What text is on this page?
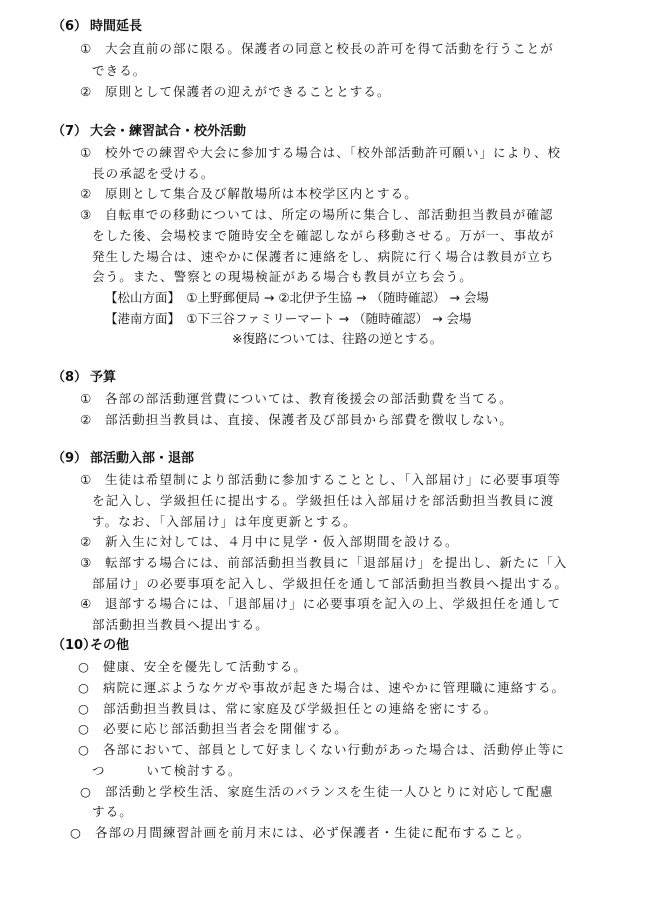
（6） 時間延長
① 大会直前の部に限る。保護者の同意と校長の許可を得て活動を行うことが
できる。
② 原則として保護者の迎えができることとする。
（7） 大会・練習試合・校外活動
① 校外での練習や大会に参加する場合は、「校外部活動許可願い」により、校
長の承認を受ける。
② 原則として集合及び解散場所は本校学区内とする。
③ 自転車での移動については、所定の場所に集合し、部活動担当教員が確認
をした後、会場校まで随時安全を確認しながら移動させる。万が一、事故が
発生した場合は、速やかに保護者に連絡をし、病院に行く場合は教員が立ち
会う。また、警察との現場検証がある場合も教員が立ち会う。
【松山方面】　①上野郵便局 → ②北伊予生協 → （随時確認） → 会場
【港南方面】　①下三谷ファミリーマート → （随時確認） → 会場
※復路については、往路の逆とする。
（8） 予算
① 各部の部活動運営費については、教育後援会の部活動費を当てる。
② 部活動担当教員は、直接、保護者及び部員から部費を徴収しない。
（9） 部活動入部・退部
① 生徒は希望制により部活動に参加することとし、「入部届け」に必要事項等
を記入し、学級担任に提出する。学級担任は入部届けを部活動担当教員に渡
す。なお、「入部届け」は年度更新とする。
② 新入生に対しては、４月中に見学・仮入部期間を設ける。
③ 転部する場合には、前部活動担当教員に「退部届け」を提出し、新たに「入
部届け」の必要事項を記入し、学級担任を通して部活動担当教員へ提出する。
④ 退部する場合には、「退部届け」に必要事項を記入の上、学級担任を通して
部活動担当教員へ提出する。
（10）その他
○ 健康、安全を優先して活動する。
○ 病院に運ぶようなケガや事故が起きた場合は、速やかに管理職に連絡する。
○ 部活動担当教員は、常に家庭及び学級担任との連絡を密にする。
○ 必要に応じ部活動担当者会を開催する。
○ 各部において、部員として好ましくない行動があった場合は、活動停止等に
つ　　　いて検討する。
○ 部活動と学校生活、家庭生活のバランスを生徒一人ひとりに対応して配慮
する。
○ 各部の月間練習計画を前月末には、必ず保護者・生徒に配布すること。
